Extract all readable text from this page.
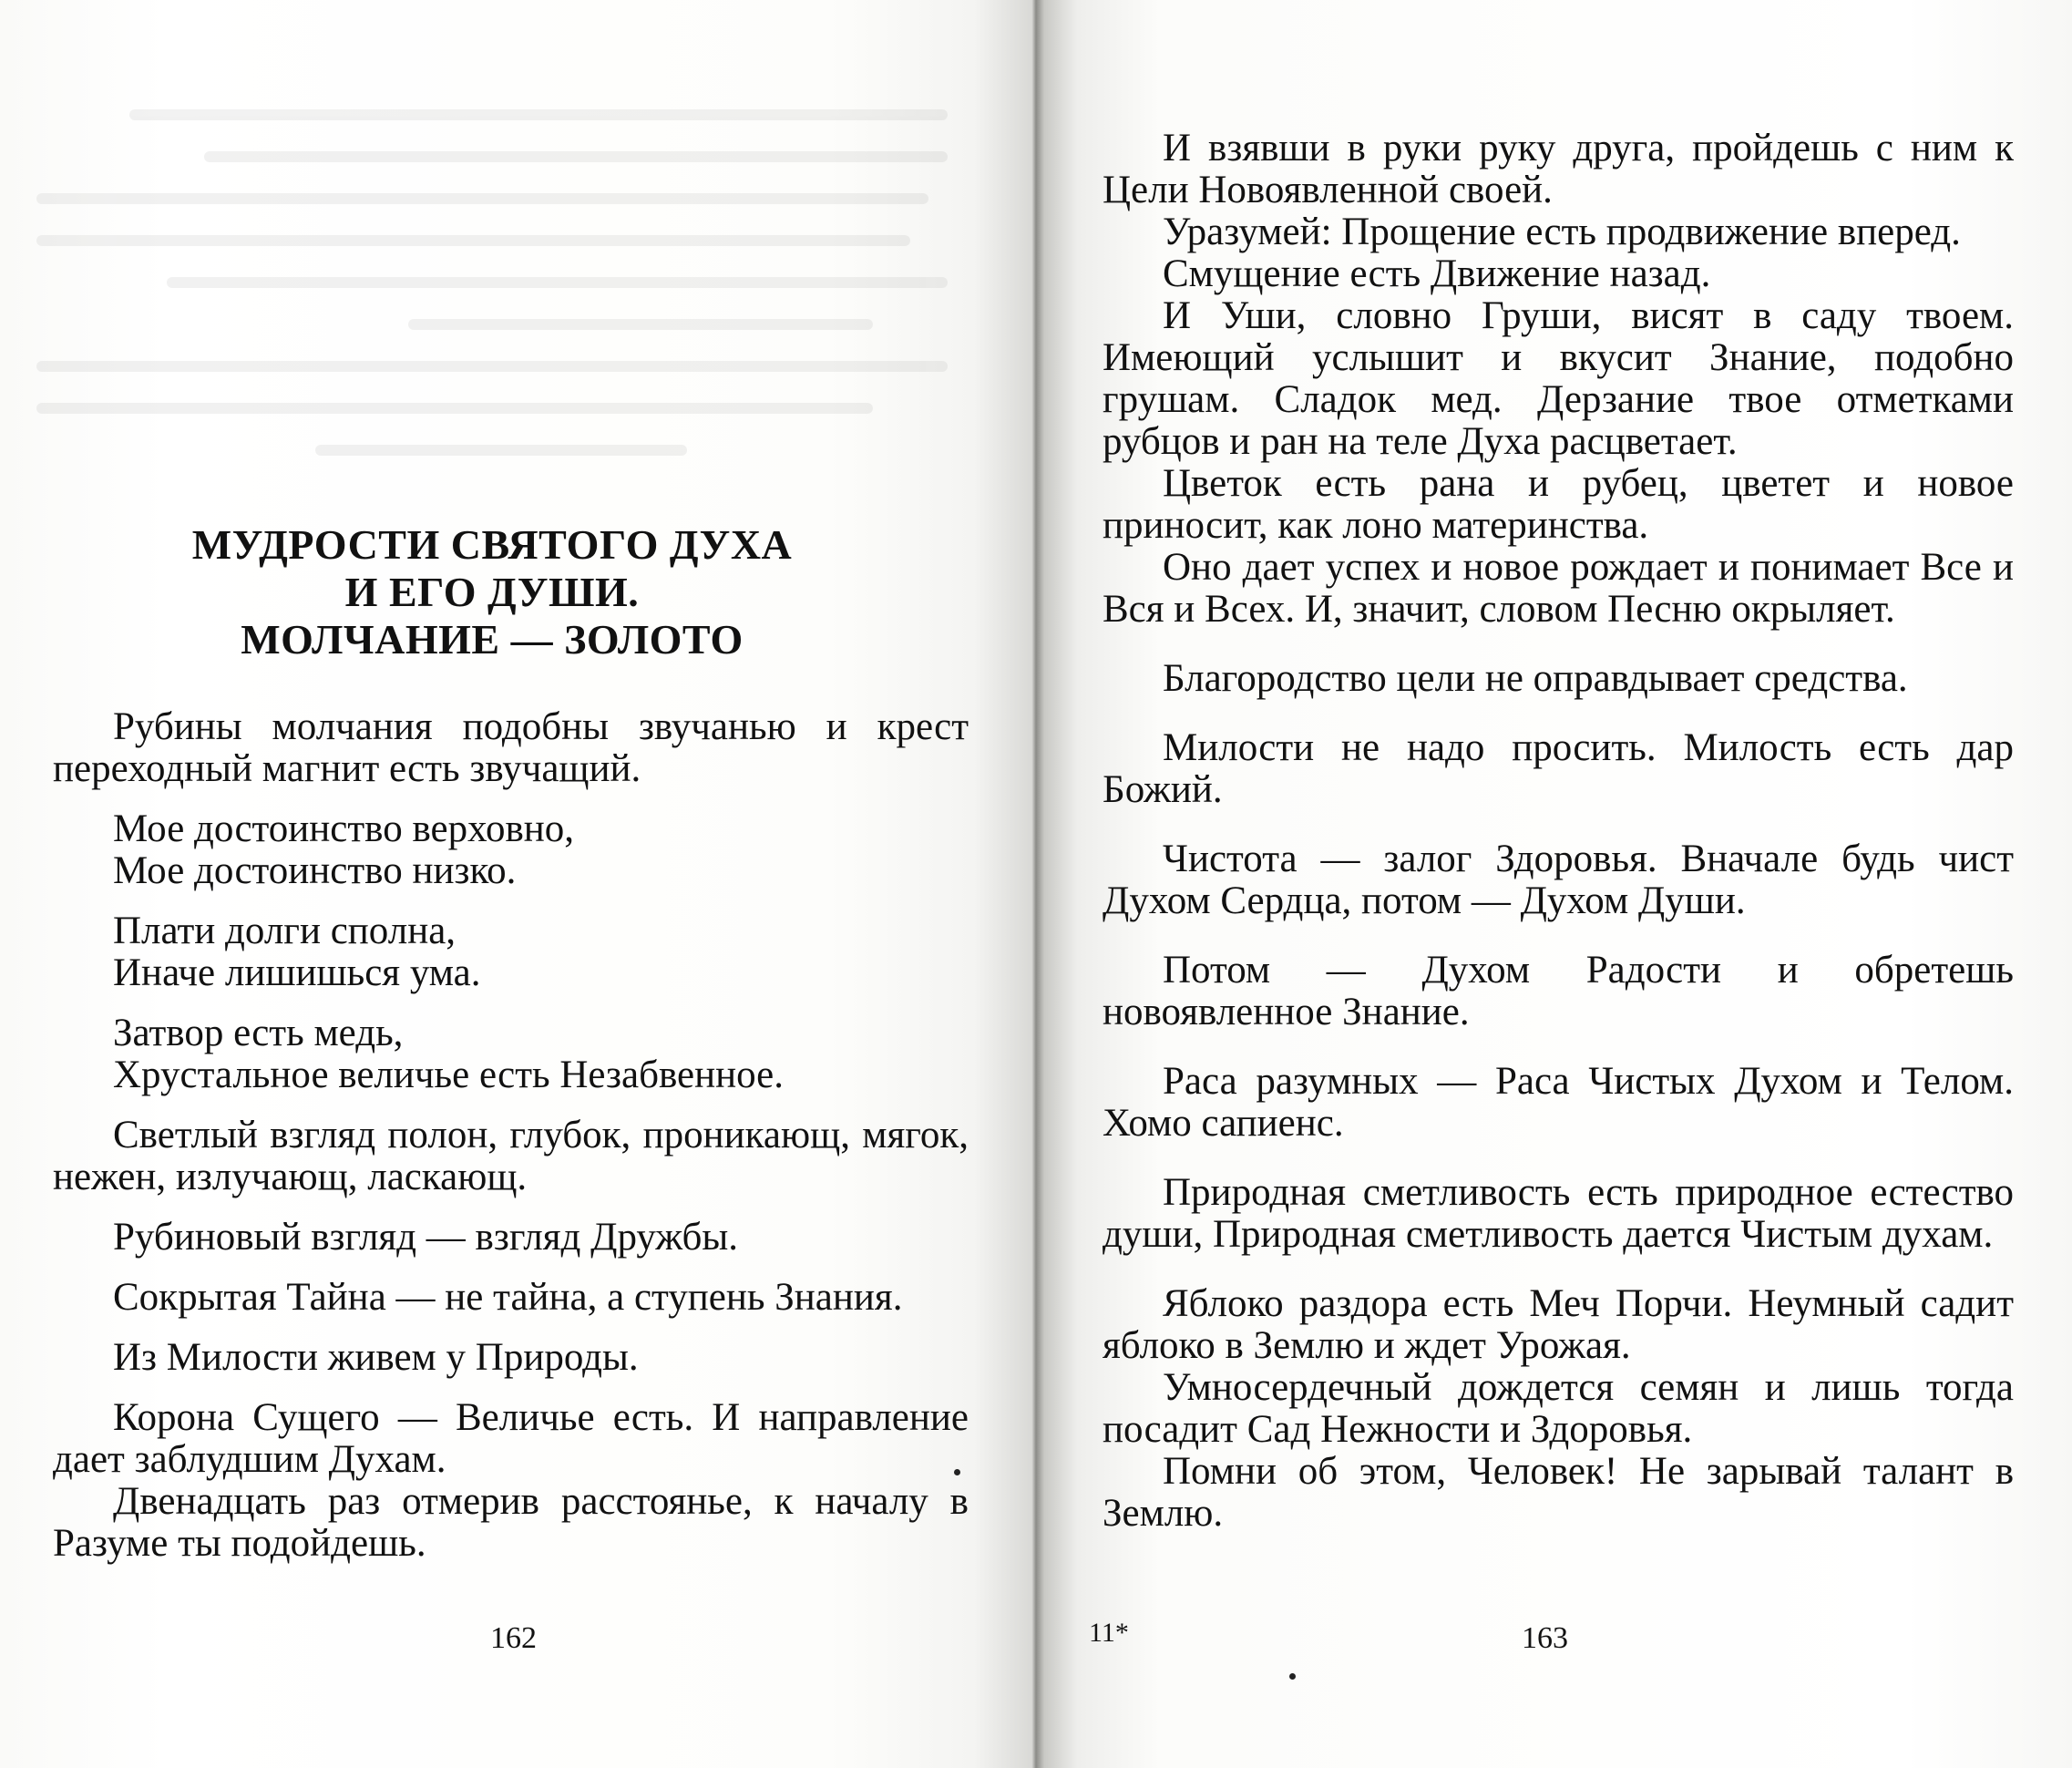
МУДРОСТИ СВЯТОГО ДУХА
И ЕГО ДУШИ.
МОЛЧАНИЕ — ЗОЛОТО

Рубины молчания подобны звучанью и крест переходный магнит есть звучащий.

Мое достоинство верховно,
Мое достоинство низко.
Плати долги сполна,
Иначе лишишься ума.
Затвор есть медь,
Хрустальное величье есть Незабвенное.

Светлый взгляд полон, глубок, проникающ, мягок, нежен, излучающ, ласкающ.

Рубиновый взгляд — взгляд Дружбы.

Сокрытая Тайна — не тайна, а ступень Знания.

Из Милости живем у Природы.

Корона Сущего — Величье есть. И направление дает заблудшим Духам.

Двенадцать раз отмерив расстоянье, к началу в Разуме ты подойдешь.

162

И взявши в руки руку друга, пройдешь с ним к Цели Новоявленной своей.

Уразумей: Прощение есть продвижение вперед.

Смущение есть Движение назад.

И Уши, словно Груши, висят в саду твоем. Имеющий услышит и вкусит Знание, подобно грушам. Сладок мед. Дерзание твое отметками рубцов и ран на теле Духа расцветает.

Цветок есть рана и рубец, цветет и новое приносит, как лоно материнства.

Оно дает успех и новое рождает и понимает Все и Вся и Всех. И, значит, словом Песню окрыляет.

Благородство цели не оправдывает средства.

Милости не надо просить. Милость есть дар Божий.

Чистота — залог Здоровья. Вначале будь чист Духом Сердца, потом — Духом Души.

Потом — Духом Радости и обретешь новоявленное Знание.

Раса разумных — Раса Чистых Духом и Телом. Хомо сапиенс.

Природная сметливость есть природное естество души, Природная сметливость дается Чистым духам.

Яблоко раздора есть Меч Порчи. Неумный садит яблоко в Землю и ждет Урожая.

Умносердечный дождется семян и лишь тогда посадит Сад Нежности и Здоровья.

Помни об этом, Человек! Не зарывай талант в Землю.

11*	163
